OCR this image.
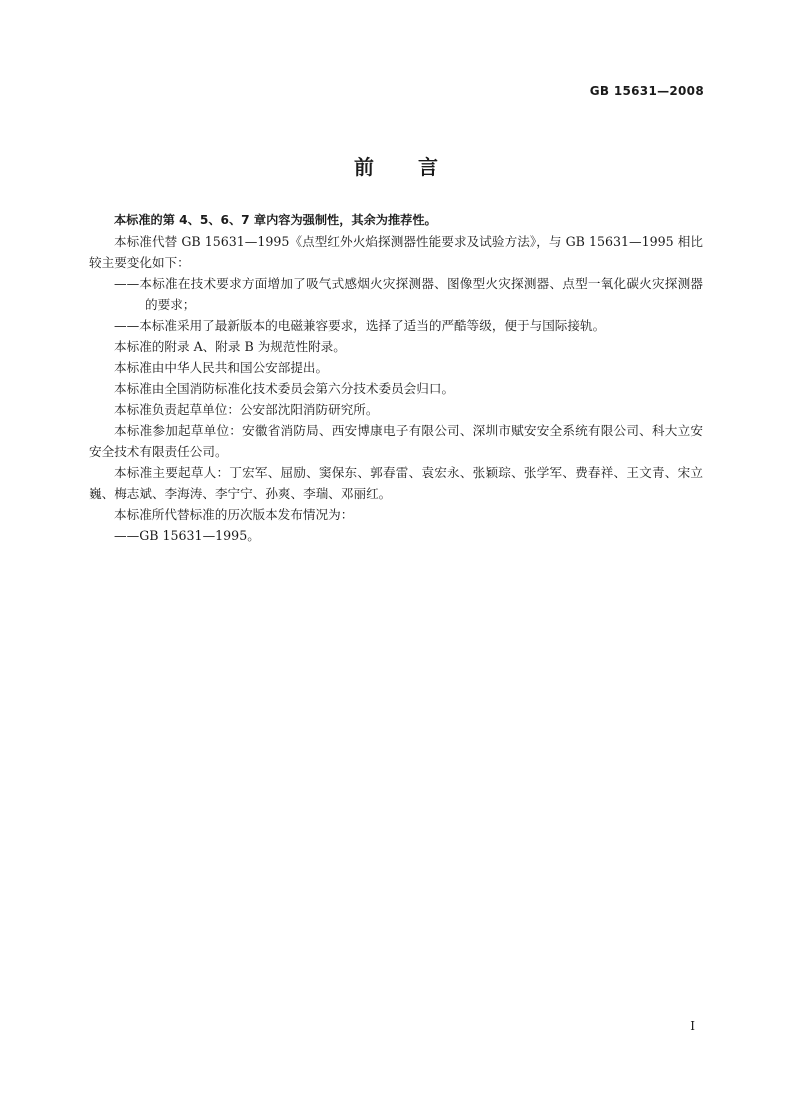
GB 15631—2008
前言

本标准的第 4、5、6、7 章内容为强制性，其余为推荐性。

本标准代替 GB 15631—1995《点型红外火焰探测器性能要求及试验方法》，与 GB 15631—1995 相比较主要变化如下：

——本标准在技术要求方面增加了吸气式感烟火灾探测器、图像型火灾探测器、点型一氧化碳火灾探测器的要求；

——本标准采用了最新版本的电磁兼容要求，选择了适当的严酷等级，便于与国际接轨。

本标准的附录 A、附录 B 为规范性附录。

本标准由中华人民共和国公安部提出。

本标准由全国消防标准化技术委员会第六分技术委员会归口。

本标准负责起草单位：公安部沈阳消防研究所。

本标准参加起草单位：安徽省消防局、西安博康电子有限公司、深圳市赋安安全系统有限公司、科大立安安全技术有限责任公司。

本标准主要起草人：丁宏军、屈励、窦保东、郭春雷、袁宏永、张颖琮、张学军、费春祥、王文青、宋立巍、梅志斌、李海涛、李宁宁、孙爽、李瑞、邓丽红。

本标准所代替标准的历次版本发布情况为：

——GB 15631—1995。

I
